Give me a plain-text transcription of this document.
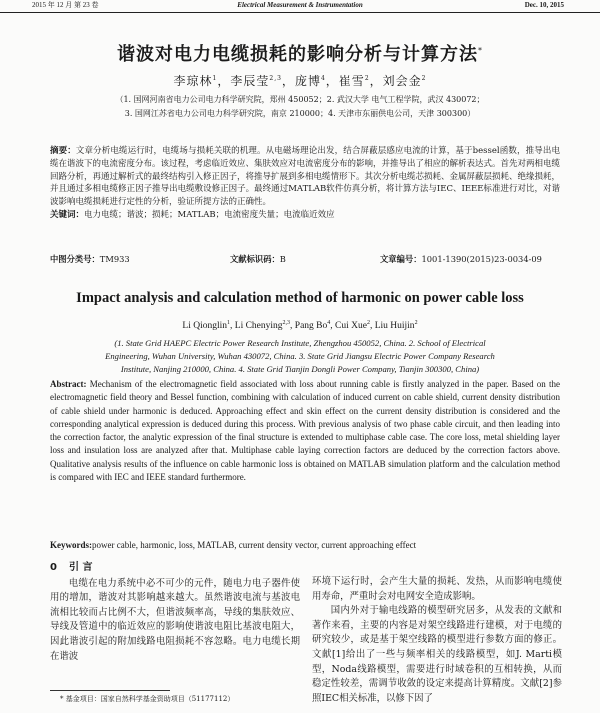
2015 年 12 月 第 23 卷	Electrical Measurement & Instrumentation	Dec. 10, 2015
谐波对电力电缆损耗的影响分析与计算方法*
李琼林$^1$，李辰莹$^{2,3}$，庞博$^4$，崔雪$^2$，刘会金$^2$
（1. 国网河南省电力公司电力科学研究院，郑州 450052；2. 武汉大学 电气工程学院，武汉 430072；
3. 国网江苏省电力公司电力科学研究院，南京 210000；4. 天津市东丽供电公司，天津 300300）
摘要：文章分析电缆运行时，电缆场与损耗关联的机理。从电磁场理论出发，结合屏蔽层感应电流的计算，基于bessel函数，推导出电缆在谐波下的电流密度分布。该过程，考虑临近效应、集肤效应对电流密度分布的影响，并推导出了相应的解析表达式。首先对两相电缆回路分析，再通过解析式的最终结构引入修正因子，将推导扩展到多相电缆情形下。其次分析电缆芯损耗、金属屏蔽层损耗、绝缘损耗，并且通过多相电缆修正因子推导出电缆敷设修正因子。最终通过MATLAB软件仿真分析，将计算方法与IEC、IEEE标准进行对比，对谐波影响电缆损耗进行定性的分析，验证所提方法的正确性。
关键词：电力电缆；谐波；损耗；MATLAB；电流密度失量；电流临近效应
中图分类号：TM933	文献标识码：B	文章编号：1001-1390(2015)23-0034-09
Impact analysis and calculation method of harmonic on power cable loss
Li Qionglin$^1$, Li Chenying$^{2,3}$, Pang Bo$^4$, Cui Xue$^2$, Liu Huijin$^2$
(1. State Grid HAEPC Electric Power Research Institute, Zhengzhou 450052, China. 2. School of Electrical
Engineering, Wuhan University, Wuhan 430072, China. 3. State Grid Jiangsu Electric Power Company Research
Institute, Nanjing 210000, China. 4. State Grid Tianjin Dongli Power Company, Tianjin 300300, China)
Abstract: Mechanism of the electromagnetic field associated with loss about running cable is firstly analyzed in the paper. Based on the electromagnetic field theory and Bessel function, combining with calculation of induced current on cable shield, current density distribution of cable shield under harmonic is deduced. Approaching effect and skin effect on the current density distribution is considered and the corresponding analytical expression is deduced during this process. With previous analysis of two phase cable circuit, and then leading into the correction factor, the analytic expression of the final structure is extended to multiphase cable case. The core loss, metal shielding layer loss and insulation loss are analyzed after that. Multiphase cable laying correction factors are deduced by the correction factors above. Qualitative analysis results of the influence on cable harmonic loss is obtained on MATLAB simulation platform and the calculation method is compared with IEC and IEEE standard furthermore.
Keywords:power cable, harmonic, loss, MATLAB, current density vector, current approaching effect
0 引 言
电缆在电力系统中必不可少的元件，随电力电子器件使用的增加，谐波对其影响越来越大。虽然谐波电流与基波电流相比较而占比例不大，但谐波频率高，导线的集肤效应、导线及管道中的临近效应的影响使谐波电阻比基波电阻大，因此谐波引起的附加线路电阻损耗不容忽略。电力电缆长期在谐波
环境下运行时，会产生大量的损耗、发热，从而影响电缆使用寿命，严重时会对电网安全造成影响。
国内外对于输电线路的模型研究居多，从发表的文献和著作来看，主要的内容是对架空线路进行建模，对于电缆的研究较少，或是基于架空线路的模型进行参数方面的修正。文献[1]给出了一些与频率相关的线路模型，如J. Marti模型，Noda线路模型，需要进行时域卷积的互相转换，从而稳定性较差，需调节收敛的设定来提高计算精度。文献[2]参照IEC相关标准，以修下因了
* 基金项目：国家自然科学基金资助项目（51177112）
